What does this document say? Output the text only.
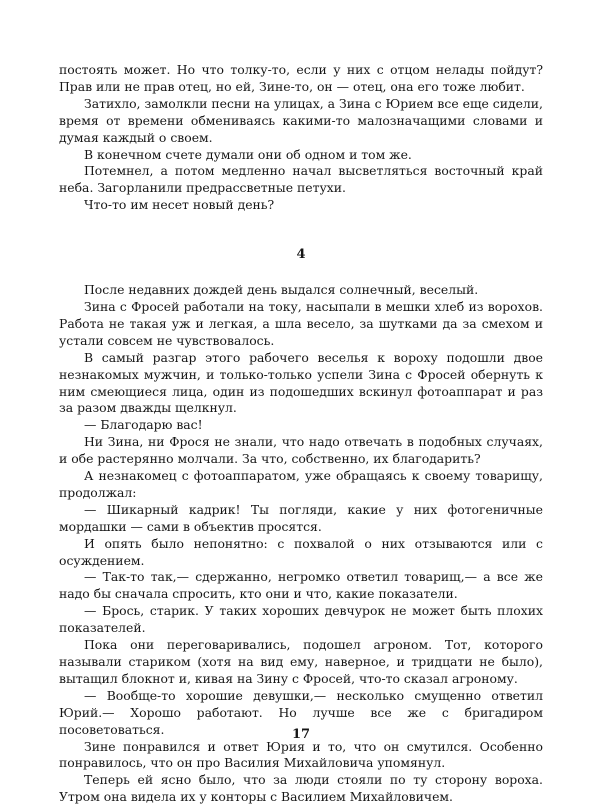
постоять может. Но что толку-то, если у них с отцом нелады пойдут? Прав или не прав отец, но ей, Зине-то, он — отец, она его тоже любит.

Затихло, замолкли песни на улицах, а Зина с Юрием все еще сидели, время от времени обмениваясь какими-то малозначащими словами и думая каждый о своем.

В конечном счете думали они об одном и том же.

Потемнел, а потом медленно начал высветляться восточный край неба. Загорланили предрассветные петухи.

Что-то им несет новый день?

4

После недавних дождей день выдался солнечный, веселый.

Зина с Фросей работали на току, насыпали в мешки хлеб из ворохов. Работа не такая уж и легкая, а шла весело, за шутками да за смехом и устали совсем не чувствовалось.

В самый разгар этого рабочего веселья к вороху подошли двое незнакомых мужчин, и только-только успели Зина с Фросей обернуть к ним смеющиеся лица, один из подошедших вскинул фотоаппарат и раз за разом дважды щелкнул.

— Благодарю вас!

Ни Зина, ни Фрося не знали, что надо отвечать в подобных случаях, и обе растерянно молчали. За что, собственно, их благодарить?

А незнакомец с фотоаппаратом, уже обращаясь к своему товарищу, продолжал:

— Шикарный кадрик! Ты погляди, какие у них фотогеничные мордашки — сами в объектив просятся.

И опять было непонятно: с похвалой о них отзываются или с осуждением.

— Так-то так,— сдержанно, негромко ответил товарищ,— а все же надо бы сначала спросить, кто они и что, какие показатели.

— Брось, старик. У таких хороших девчурок не может быть плохих показателей.

Пока они переговаривались, подошел агроном. Тот, которого называли стариком (хотя на вид ему, наверное, и тридцати не было), вытащил блокнот и, кивая на Зину с Фросей, что-то сказал агроному.

— Вообще-то хорошие девушки,— несколько смущенно ответил Юрий.— Хорошо работают. Но лучше все же с бригадиром посоветоваться.

Зине понравился и ответ Юрия и то, что он смутился. Особенно понравилось, что он про Василия Михайловича упомянул.

Теперь ей ясно было, что за люди стояли по ту сторону вороха. Утром она видела их у конторы с Василием Михайловичем.

17
